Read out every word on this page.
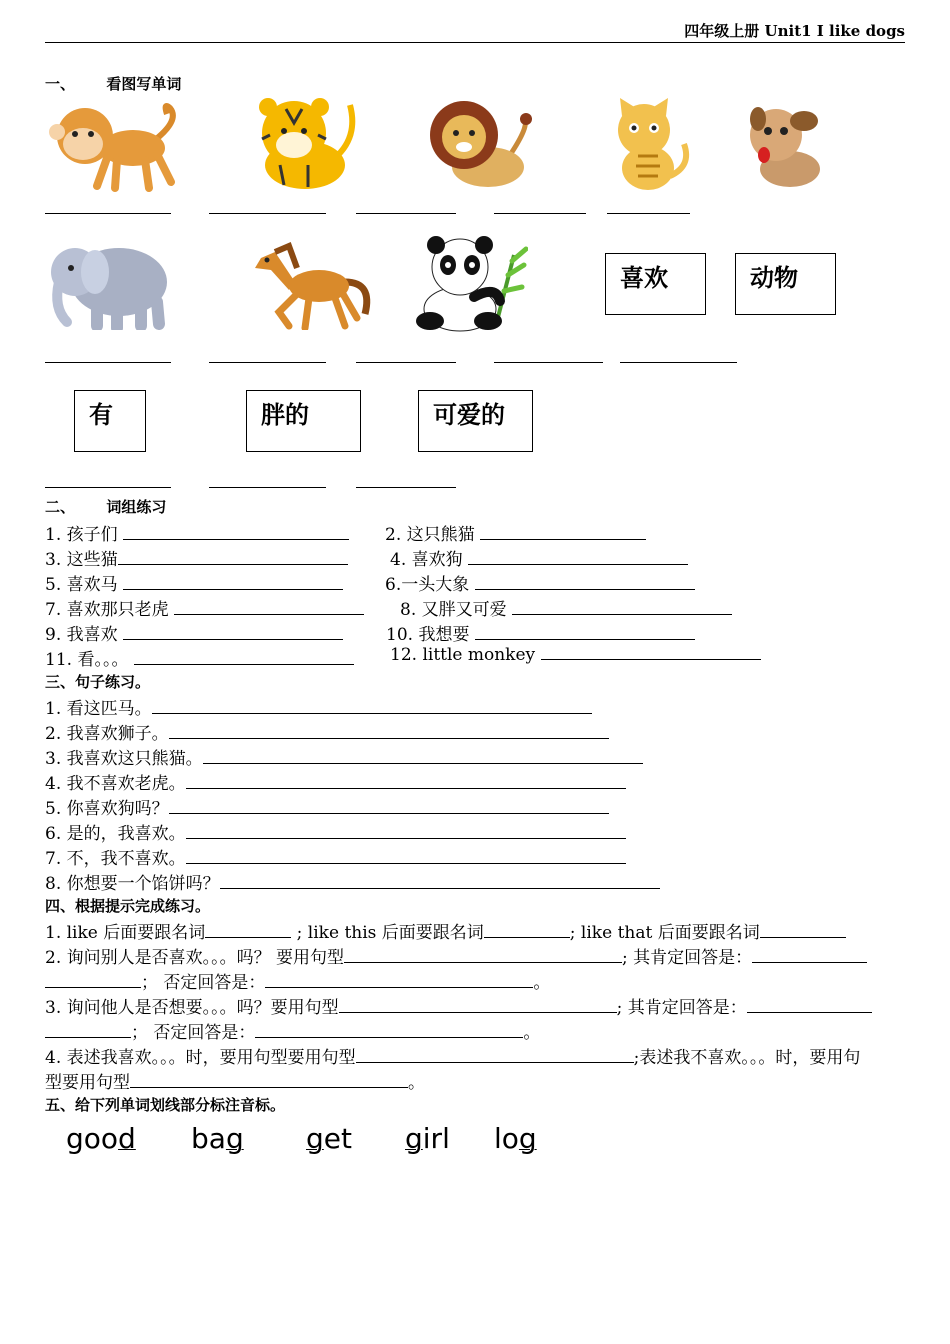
四年级上册 Unit1 I like dogs
一、      看图写单词
喜欢	动物
有	胖的	可爱的
二、      词组练习
1. 孩子们	2. 这只熊猫
3. 这些猫	4. 喜欢狗
5. 喜欢马	6.一头大象
7. 喜欢那只老虎	8. 又胖又可爱
9. 我喜欢	10. 我想要
11. 看。。。	12. little monkey
三、句子练习。
1. 看这匹马。
2. 我喜欢狮子。
3. 我喜欢这只熊猫。
4. 我不喜欢老虎。
5. 你喜欢狗吗？
6. 是的，我喜欢。
7. 不，我不喜欢。
8. 你想要一个馅饼吗？
四、根据提示完成练习。
1. like 后面要跟名词	; like this 后面要跟名词	; like that 后面要跟名词
2. 询问别人是否喜欢。。。吗？ 要用句型	; 其肯定回答是：
； 否定回答是：	。
3. 询问他人是否想要。。。吗？要用句型	; 其肯定回答是：
； 否定回答是：	。
4. 表述我喜欢。。。时，要用句型要用句型	;表述我不喜欢。。。时，要用句
型要用句型	。
五、给下列单词划线部分标注音标。
good bag get girl log
